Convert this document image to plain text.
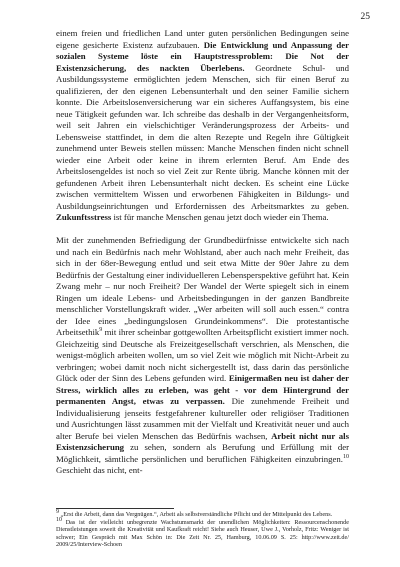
25

einem freien und friedlichen Land unter guten persönlichen Bedingungen seine eigene gesicherte Existenz aufzubauen. Die Entwicklung und Anpassung der sozialen Systeme löste ein Hauptstressproblem: Die Not der Existenzsicherung, des nackten Überlebens. Geordnete Schul- und Ausbildungssysteme ermöglichten jedem Menschen, sich für einen Beruf zu qualifizieren, der den eigenen Lebensunterhalt und den seiner Familie sichern konnte. Die Arbeitslosenversicherung war ein sicheres Auffangsystem, bis eine neue Tätigkeit gefunden war. Ich schreibe das deshalb in der Vergangenheitsform, weil seit Jahren ein vielschichtiger Veränderungsprozess der Arbeits- und Lebensweise stattfindet, in dem die alten Rezepte und Regeln ihre Gültigkeit zunehmend unter Beweis stellen müssen: Manche Menschen finden nicht schnell wieder eine Arbeit oder keine in ihrem erlernten Beruf. Am Ende des Arbeitslosengeldes ist noch so viel Zeit zur Rente übrig. Manche können mit der gefundenen Arbeit ihren Lebensunterhalt nicht decken. Es scheint eine Lücke zwischen vermitteltem Wissen und erworbenen Fähigkeiten in Bildungs- und Ausbildungseinrichtungen und Erfordernissen des Arbeitsmarktes zu geben. Zukunftsstress ist für manche Menschen genau jetzt doch wieder ein Thema.

Mit der zunehmenden Befriedigung der Grundbedürfnisse entwickelte sich nach und nach ein Bedürfnis nach mehr Wohlstand, aber auch nach mehr Freiheit, das sich in der 68er-Bewegung entlud und seit etwa Mitte der 90er Jahre zu dem Bedürfnis der Gestaltung einer individuelleren Lebensperspektive geführt hat. Kein Zwang mehr – nur noch Freiheit? Der Wandel der Werte spiegelt sich in einem Ringen um ideale Lebens- und Arbeitsbedingungen in der ganzen Bandbreite menschlicher Vorstellungskraft wider. „Wer arbeiten will soll auch essen.“ contra der Idee eines „bedingungslosen Grundeinkommens“. Die protestantische Arbeitsethik$^9$ mit ihrer scheinbar gottgewollten Arbeitspflicht existiert immer noch. Gleichzeitig sind Deutsche als Freizeitgesellschaft verschrien, als Menschen, die wenigst-möglich arbeiten wollen, um so viel Zeit wie möglich mit Nicht-Arbeit zu verbringen; wobei damit noch nicht sichergestellt ist, dass darin das persönliche Glück oder der Sinn des Lebens gefunden wird. Einigermaßen neu ist daher der Stress, wirklich alles zu erleben, was geht - vor dem Hintergrund der permanenten Angst, etwas zu verpassen. Die zunehmende Freiheit und Individualisierung jenseits festgefahrener kultureller oder religiöser Traditionen und Ausrichtungen lässt zusammen mit der Vielfalt und Kreativität neuer und auch alter Berufe bei vielen Menschen das Bedürfnis wachsen, Arbeit nicht nur als Existenzsicherung zu sehen, sondern als Berufung und Erfüllung mit der Möglichkeit, sämtliche persönlichen und beruflichen Fähigkeiten einzubringen.$^{10}$ Geschieht das nicht, ent-

$^9$ „Erst die Arbeit, dann das Vergnügen.“, Arbeit als selbstverständliche Pflicht und der Mittelpunkt des Lebens.

$^{10}$ Das ist der vielleicht unbegrenzte Wachstumsmarkt der unendlichen Möglichkeiten: Ressourcenschonende Dienstleistungen soweit die Kreativität und Kaufkraft reicht! Siehe auch Heuser, Uwe J., Vorholz, Fritz: Weniger ist schwer; Ein Gespräch mit Max Schön in: Die Zeit Nr. 25, Hamburg, 10.06.09 S. 25: http://www.zeit.de/ 2009/25/Interview-Schoen
